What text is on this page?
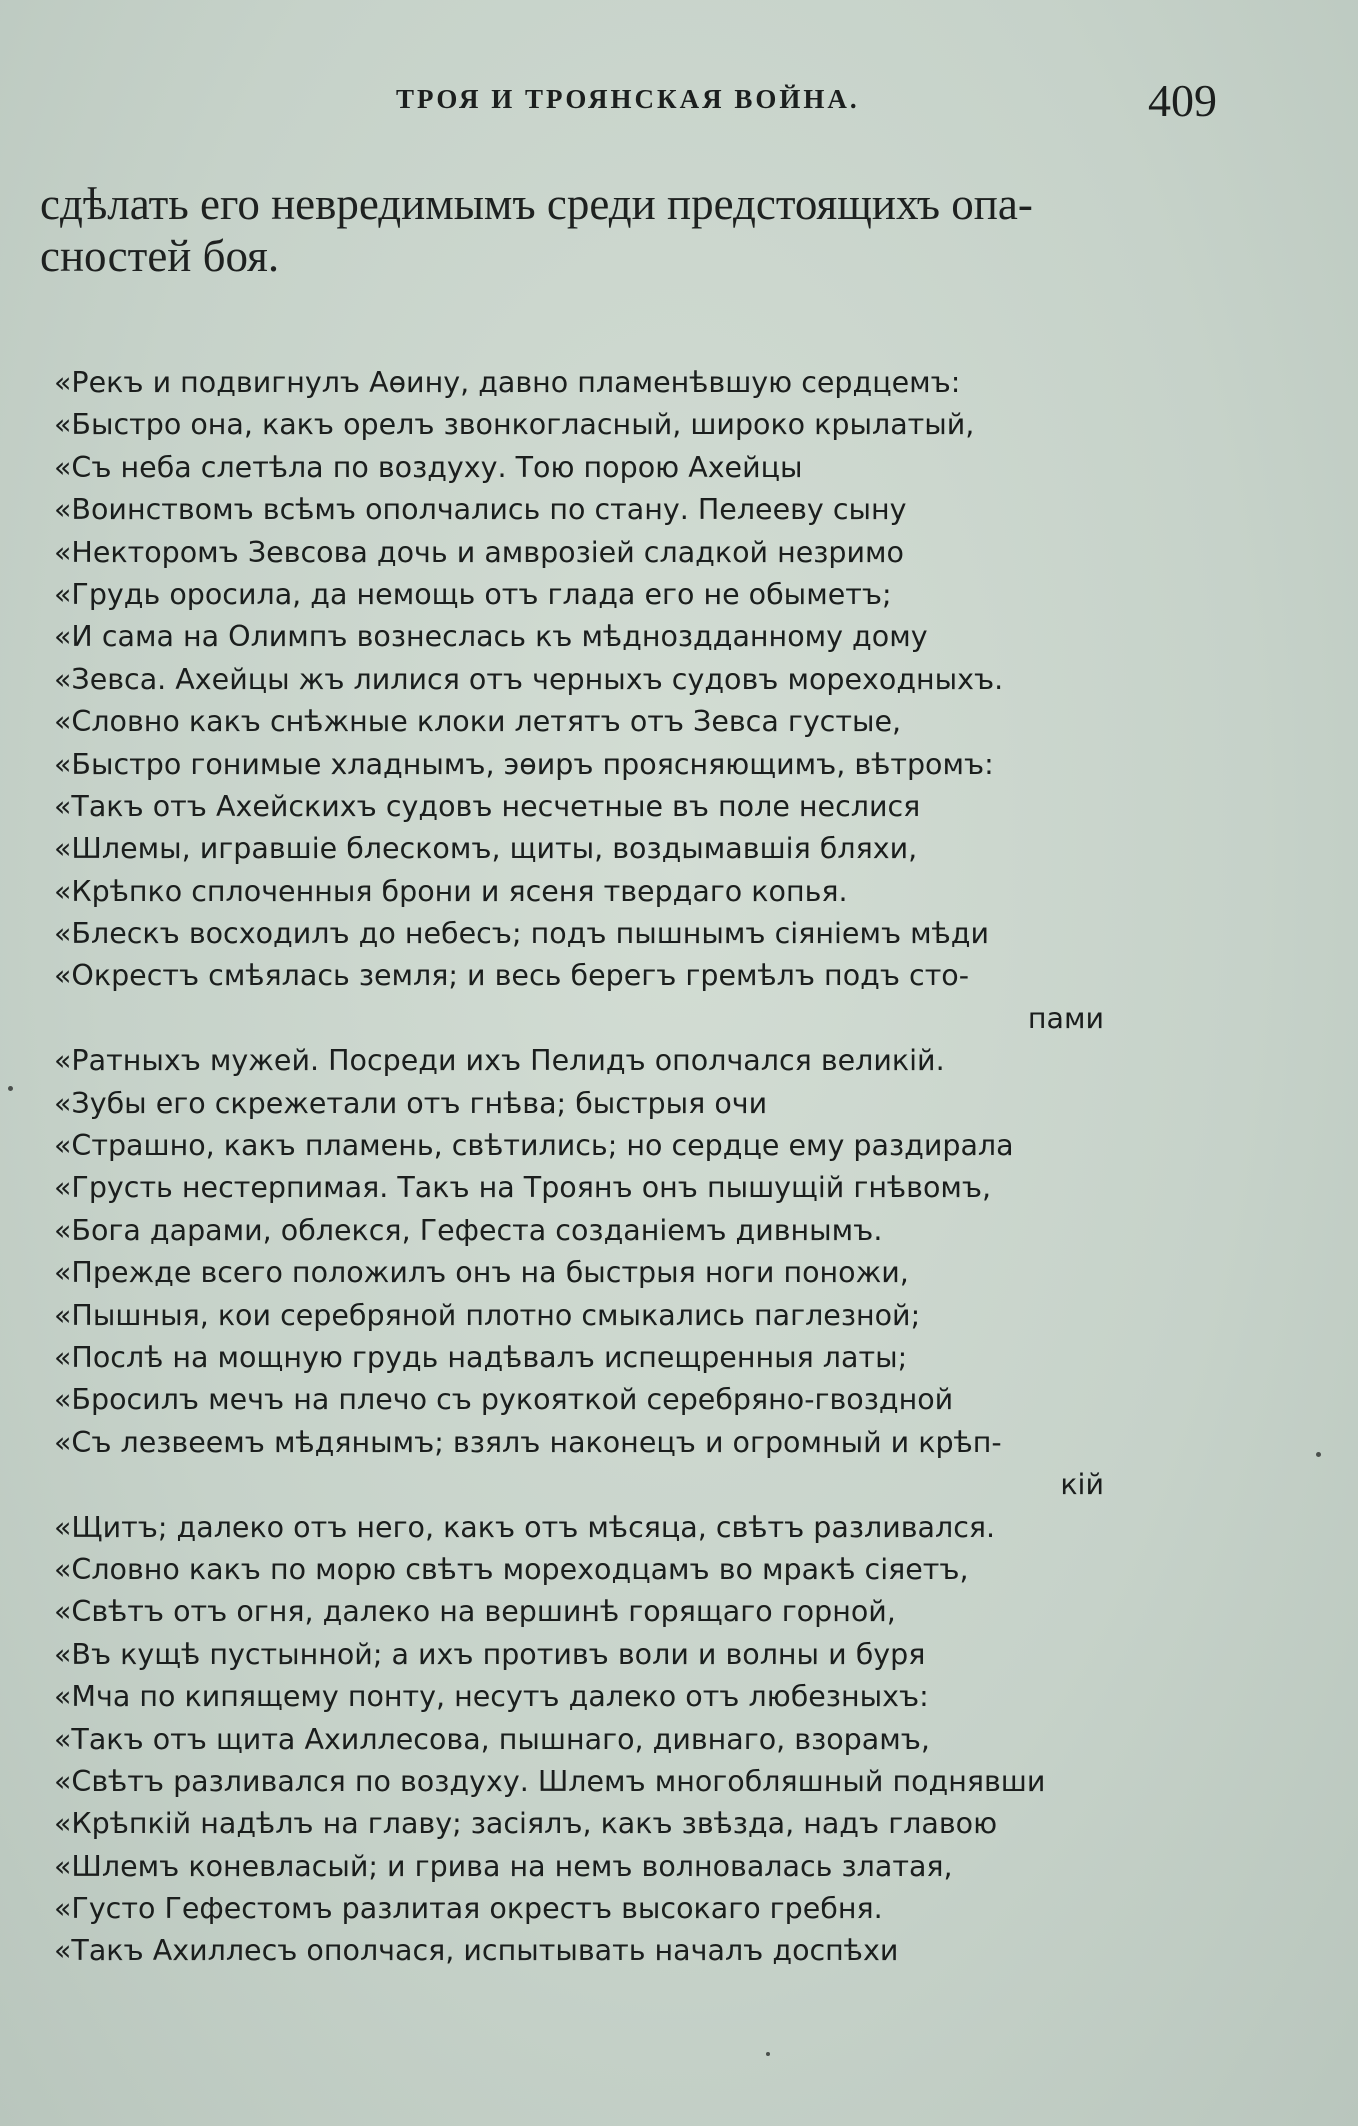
ТРОЯ И ТРОЯНСКАЯ ВОЙНА.	409
сдѣлать его невредимымъ среди предстоящихъ опа-
сностей боя.
«Рекъ и подвигнулъ Аѳину, давно пламенѣвшую сердцемъ:
«Быстро она, какъ орелъ звонкогласный, широко крылатый,
«Съ неба слетѣла по воздуху. Тою порою Ахейцы
«Воинствомъ всѣмъ ополчались по стану. Пелееву сыну
«Некторомъ Зевсова дочь и амврозіей сладкой незримо
«Грудь оросила, да немощь отъ глада его не обыметъ;
«И сама на Олимпъ вознеслась къ мѣдноздданному дому
«Зевса. Ахейцы жъ лилися отъ черныхъ судовъ мореходныхъ.
«Словно какъ снѣжные клоки летятъ отъ Зевса густые,
«Быстро гонимые хладнымъ, эѳиръ проясняющимъ, вѣтромъ:
«Такъ отъ Ахейскихъ судовъ несчетные въ поле неслися
«Шлемы, игравшіе блескомъ, щиты, воздымавшія бляхи,
«Крѣпко сплоченныя брони и ясеня твердаго копья.
«Блескъ восходилъ до небесъ; подъ пышнымъ сіяніемъ мѣди
«Окрестъ смѣялась земля; и весь берегъ гремѣлъ подъ сто-
пами
«Ратныхъ мужей. Посреди ихъ Пелидъ ополчался великій.
«Зубы его скрежетали отъ гнѣва; быстрыя очи
«Страшно, какъ пламень, свѣтились; но сердце ему раздирала
«Грусть нестерпимая. Такъ на Троянъ онъ пышущій гнѣвомъ,
«Бога дарами, облекся, Гефеста созданіемъ дивнымъ.
«Прежде всего положилъ онъ на быстрыя ноги поножи,
«Пышныя, кои серебряной плотно смыкались паглезной;
«Послѣ на мощную грудь надѣвалъ испещренныя латы;
«Бросилъ мечъ на плечо съ рукояткой серебряно-гвоздной
«Съ лезвеемъ мѣдянымъ; взялъ наконецъ и огромный и крѣп-
кій
«Щитъ; далеко отъ него, какъ отъ мѣсяца, свѣтъ разливался.
«Словно какъ по морю свѣтъ мореходцамъ во мракѣ сіяетъ,
«Свѣтъ отъ огня, далеко на вершинѣ горящаго горной,
«Въ кущѣ пустынной; а ихъ противъ воли и волны и буря
«Мча по кипящему понту, несутъ далеко отъ любезныхъ:
«Такъ отъ щита Ахиллесова, пышнаго, дивнаго, взорамъ,
«Свѣтъ разливался по воздуху. Шлемъ многобляшный поднявши
«Крѣпкій надѣлъ на главу; засіялъ, какъ звѣзда, надъ главою
«Шлемъ коневласый; и грива на немъ волновалась златая,
«Густо Гефестомъ разлитая окрестъ высокаго гребня.
«Такъ Ахиллесъ ополчася, испытывать началъ доспѣхи
